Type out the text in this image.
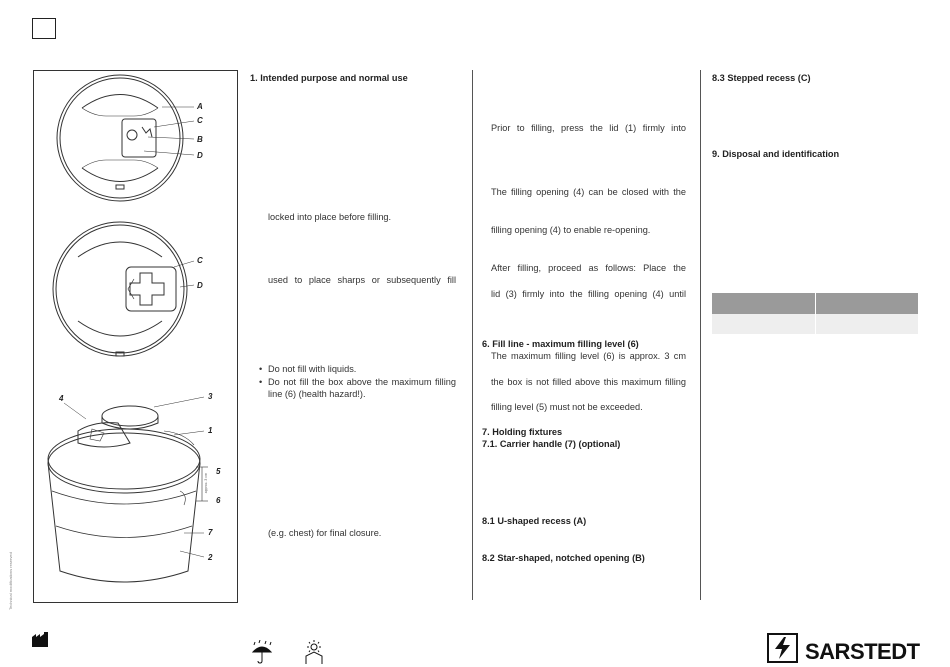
Technical modifications reserved
A
C
B
D
C
D
4	3
1
5
6
7
2
approx. 3 cm
1. Intended purpose and normal use
locked into place before filling.
used to place sharps or subsequently fill
• Do not fill with liquids.
• Do not fill the box above the maximum filling line (6) (health hazard!).
(e.g. chest) for final closure.
Prior to filling, press the lid (1) firmly into
The filling opening (4) can be closed with the
filling opening (4) to enable re-opening.
After filling, proceed as follows: Place the
lid (3) firmly into the filling opening (4) until
6. Fill line - maximum filling level (6)
The maximum filling level (6) is approx. 3 cm
the box is not filled above this maximum filling
filling level (5) must not be exceeded.
7. Holding fixtures
7.1. Carrier handle (7) (optional)
8.1 U-shaped recess (A)
8.2 Star-shaped, notched opening (B)
8.3 Stepped recess (C)
9. Disposal and identification

SARSTEDT
